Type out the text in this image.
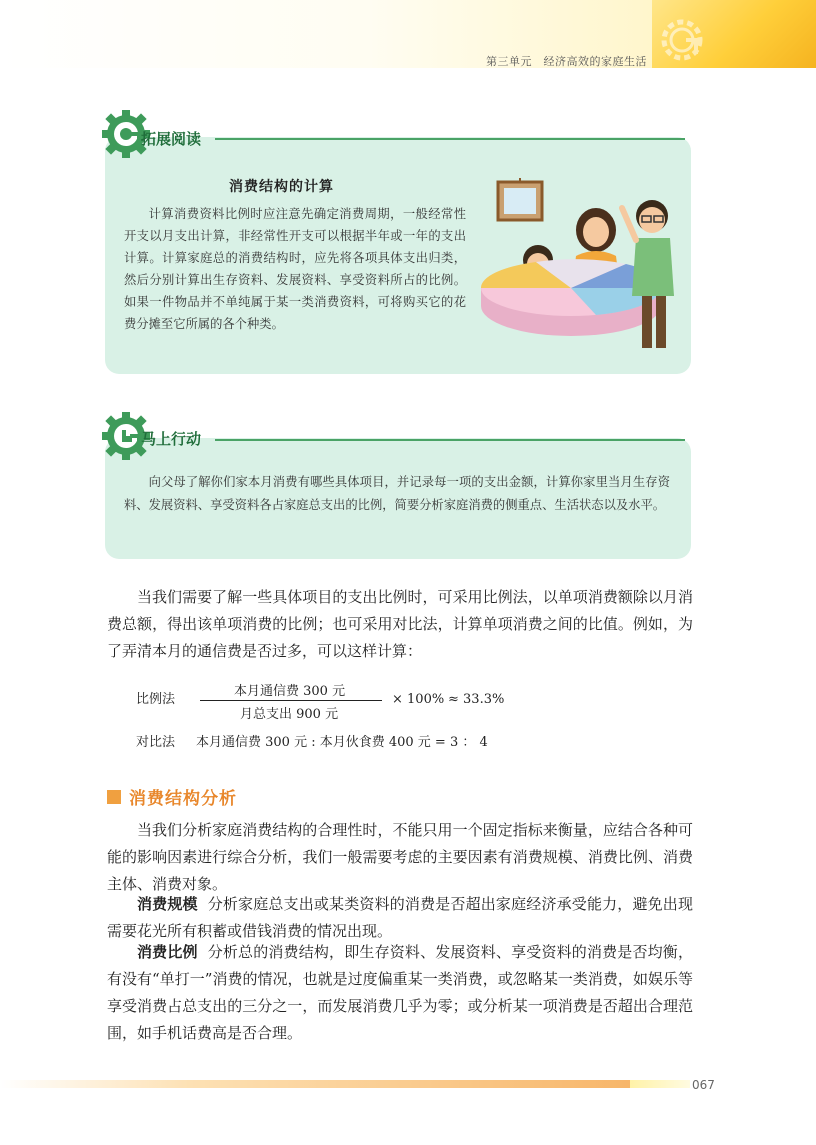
第三单元　经济高效的家庭生活
拓展阅读
消费结构的计算
计算消费资料比例时应注意先确定消费周期，一般经常性开支以月支出计算，非经常性开支可以根据半年或一年的支出计算。计算家庭总的消费结构时，应先将各项具体支出归类，然后分别计算出生存资料、发展资料、享受资料所占的比例。如果一件物品并不单纯属于某一类消费资料，可将购买它的花费分摊至它所属的各个种类。
马上行动
向父母了解你们家本月消费有哪些具体项目，并记录每一项的支出金额，计算你家里当月生存资料、发展资料、享受资料各占家庭总支出的比例，简要分析家庭消费的侧重点、生活状态以及水平。
当我们需要了解一些具体项目的支出比例时，可采用比例法，以单项消费额除以月消费总额，得出该单项消费的比例；也可采用对比法，计算单项消费之间的比值。例如，为了弄清本月的通信费是否过多，可以这样计算：
比例法
本月通信费 300 元
月总支出 900 元
× 100% ≈ 33.3%
对比法 本月通信费 300 元 : 本月伙食费 400 元 = 3 ： 4
消费结构分析
当我们分析家庭消费结构的合理性时，不能只用一个固定指标来衡量，应结合各种可能的影响因素进行综合分析，我们一般需要考虑的主要因素有消费规模、消费比例、消费主体、消费对象。
消费规模 分析家庭总支出或某类资料的消费是否超出家庭经济承受能力，避免出现需要花光所有积蓄或借钱消费的情况出现。
消费比例 分析总的消费结构，即生存资料、发展资料、享受资料的消费是否均衡，有没有“单打一”消费的情况，也就是过度偏重某一类消费，或忽略某一类消费，如娱乐等享受消费占总支出的三分之一，而发展消费几乎为零；或分析某一项消费是否超出合理范围，如手机话费高是否合理。
067
